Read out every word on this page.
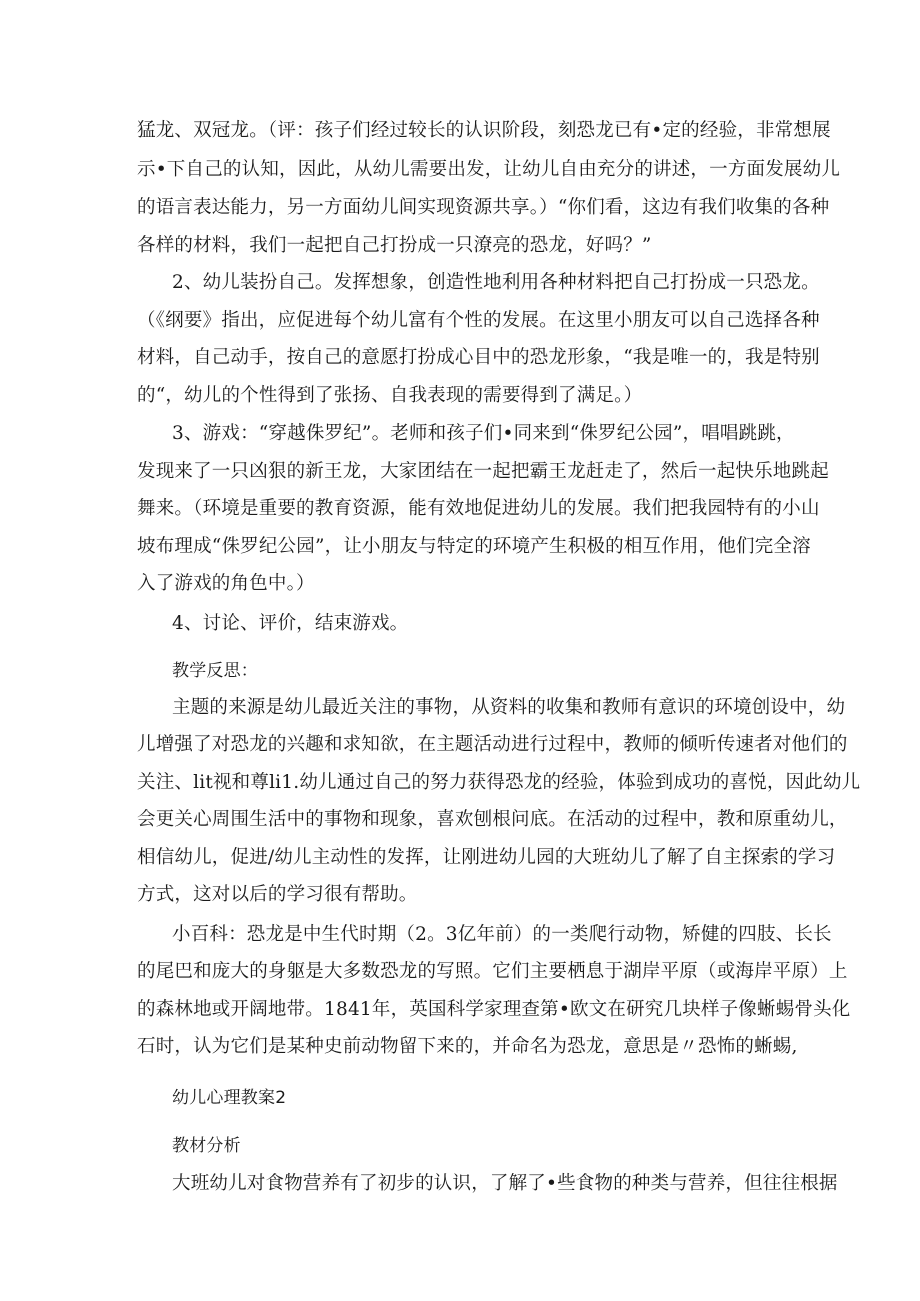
猛龙、双冠龙。（评：孩子们经过较长的认识阶段，刻恐龙已有•定的经验，非常想展
示•下自己的认知，因此，从幼儿需要出发，让幼儿自由充分的讲述，一方面发展幼儿
的语言表达能力，另一方面幼儿间实现资源共享。）“你们看，这边有我们收集的各种
各样的材料，我们一起把自己打扮成一只潦亮的恐龙，好吗？”
2、幼儿装扮自己。发挥想象，创造性地利用各种材料把自己打扮成一只恐龙。
（《纲要》指出，应促进每个幼儿富有个性的发展。在这里小朋友可以自己选择各种
材料，自己动手，按自己的意愿打扮成心目中的恐龙形象，“我是唯一的，我是特别
的“，幼儿的个性得到了张扬、自我表现的需要得到了满足。）
3、游戏：“穿越侏罗纪”。老师和孩子们•同来到“侏罗纪公园”，唱唱跳跳，
发现来了一只凶狠的新王龙，大家团结在一起把霸王龙赶走了，然后一起快乐地跳起
舞来。（环境是重要的教育资源，能有效地促进幼儿的发展。我们把我园特有的小山
坡布理成“侏罗纪公园”，让小朋友与特定的环境产生积极的相互作用，他们完全溶
入了游戏的角色中。）
4、讨论、评价，结束游戏。
教学反思：
主题的来源是幼儿最近关注的事物，从资料的收集和教师有意识的环境创设中，幼
儿增强了对恐龙的兴趣和求知欲，在主题活动进行过程中，教师的倾听传速者对他们的
关注、lit视和尊li1.幼儿通过自己的努力获得恐龙的经验，体验到成功的喜悦，因此幼儿
会更关心周围生活中的事物和现象，喜欢刨根问底。在活动的过程中，教和原重幼儿，
相信幼儿，促进/幼儿主动性的发挥，让刚进幼儿园的大班幼儿了解了自主探索的学习
方式，这对以后的学习很有帮助。
小百科：恐龙是中生代时期（2。3亿年前）的一类爬行动物，矫健的四肢、长长
的尾巴和庞大的身躯是大多数恐龙的写照。它们主要栖息于湖岸平原（或海岸平原）上
的森林地或开阔地带。1841年，英国科学家理查第•欧文在研究几块样子像蜥蜴骨头化
石时，认为它们是某种史前动物留下来的，并命名为恐龙，意思是〃恐怖的蜥蜴,
幼儿心理教案2
教材分析
大班幼儿对食物营养有了初步的认识，了解了•些食物的种类与营养，但往往根据
